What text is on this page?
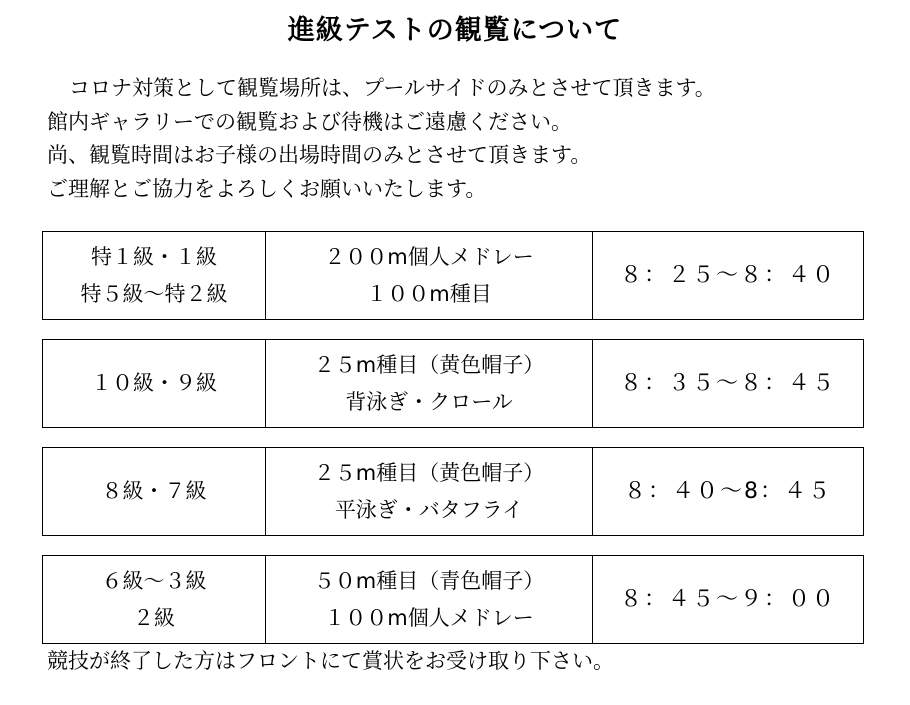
進級テストの観覧について

コロナ対策として観覧場所は、プールサイドのみとさせて頂きます。

館内ギャラリーでの観覧および待機はご遠慮ください。

尚、観覧時間はお子様の出場時間のみとさせて頂きます。

ご理解とご協力をよろしくお願いいたします。

特１級・１級
特５級～特２級
２００m個人メドレー
１００m種目
８：２５～８：４０
１０級・９級
２５m種目（黄色帽子）
背泳ぎ・クロール
８：３５～８：４５
８級・７級
２５m種目（黄色帽子）
平泳ぎ・バタフライ
８：４０～8：４５
６級～３級
２級
５０m種目（青色帽子）
１００m個人メドレー
８：４５～９：００
競技が終了した方はフロントにて賞状をお受け取り下さい。
